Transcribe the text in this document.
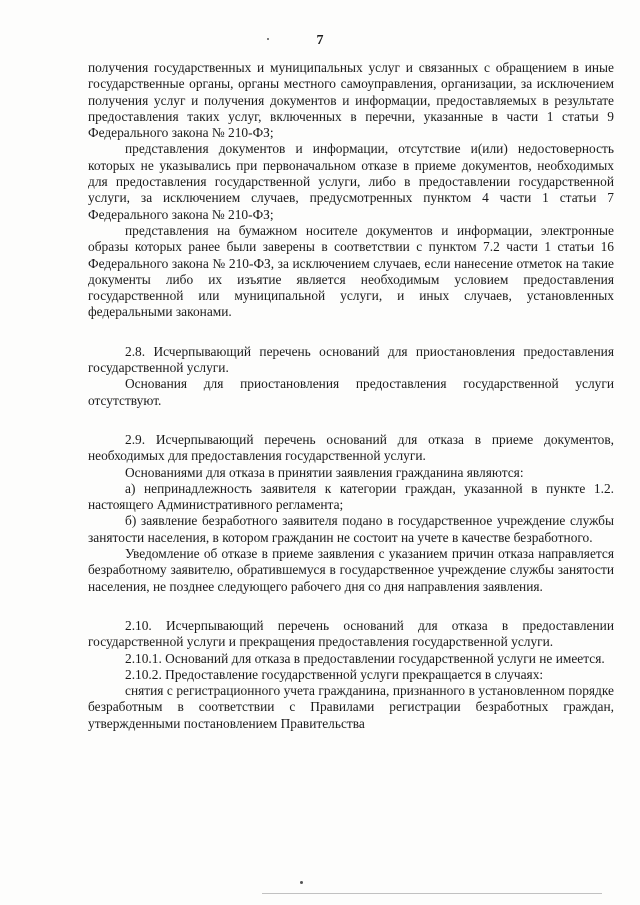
7

получения государственных и муниципальных услуг и связанных с обращением в иные государственные органы, органы местного самоуправления, организации, за исключением получения услуг и получения документов и информации, предоставляемых в результате предоставления таких услуг, включенных в перечни, указанные в части 1 статьи 9 Федерального закона № 210-ФЗ;

представления документов и информации, отсутствие и(или) недостоверность которых не указывались при первоначальном отказе в приеме документов, необходимых для предоставления государственной услуги, либо в предоставлении государственной услуги, за исключением случаев, предусмотренных пунктом 4 части 1 статьи 7 Федерального закона № 210-ФЗ;

представления на бумажном носителе документов и информации, электронные образы которых ранее были заверены в соответствии с пунктом 7.2 части 1 статьи 16 Федерального закона № 210-ФЗ, за исключением случаев, если нанесение отметок на такие документы либо их изъятие является необходимым условием предоставления государственной или муниципальной услуги, и иных случаев, установленных федеральными законами.

2.8. Исчерпывающий перечень оснований для приостановления предоставления государственной услуги.

Основания для приостановления предоставления государственной услуги отсутствуют.

2.9. Исчерпывающий перечень оснований для отказа в приеме документов, необходимых для предоставления государственной услуги.

Основаниями для отказа в принятии заявления гражданина являются:

а) непринадлежность заявителя к категории граждан, указанной в пункте 1.2. настоящего Административного регламента;

б) заявление безработного заявителя подано в государственное учреждение службы занятости населения, в котором гражданин не состоит на учете в качестве безработного.

Уведомление об отказе в приеме заявления с указанием причин отказа направляется безработному заявителю, обратившемуся в государственное учреждение службы занятости населения, не позднее следующего рабочего дня со дня направления заявления.

2.10. Исчерпывающий перечень оснований для отказа в предоставлении государственной услуги и прекращения предоставления государственной услуги.

2.10.1. Оснований для отказа в предоставлении государственной услуги не имеется.

2.10.2. Предоставление государственной услуги прекращается в случаях:

снятия с регистрационного учета гражданина, признанного в установленном порядке безработным в соответствии с Правилами регистрации безработных граждан, утвержденными постановлением Правительства
